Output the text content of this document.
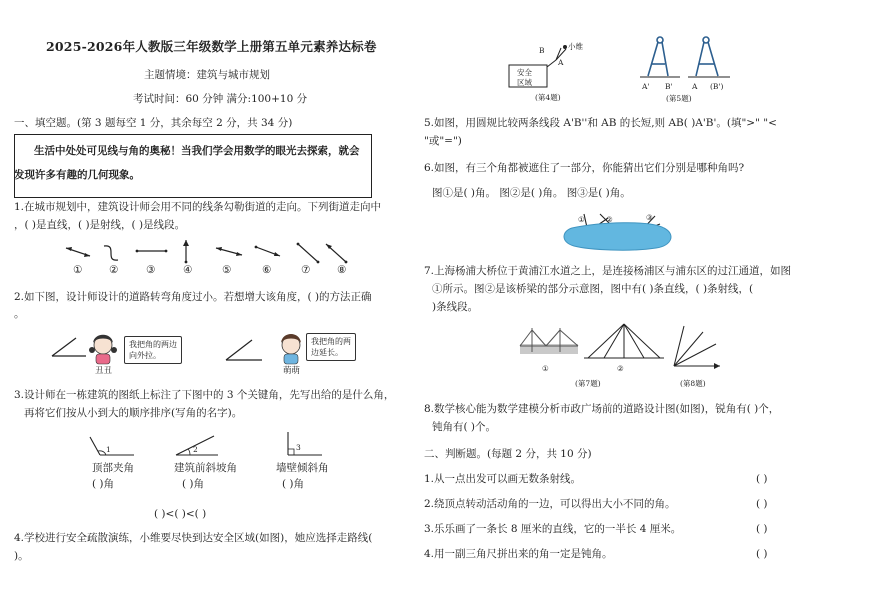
2025-2026年人教版三年级数学上册第五单元素养达标卷
主题情境：建筑与城市规划
考试时间：60 分钟 满分:100+10 分
一、填空题。(第 3 题每空 1 分，其余每空 2 分，共 34 分)
生活中处处可见线与角的奥秘！当我们学会用数学的眼光去探索，就会
发现许多有趣的几何现象。
1.在城市规划中，建筑设计师会用不同的线条勾勒街道的走向。下列街道走向中
，( )是直线，( )是射线，( )是线段。
①	②	③	④	⑤	⑥	⑦	⑧
2.如下图，设计师设计的道路转弯角度过小。若想增大该角度，( )的方法正确
。
我把角的两边
向外拉。
丑丑
我把角的两
边延长。
萌萌
3.设计师在一栋建筑的图纸上标注了下图中的 3 个关键角，先写出给的是什么角，
再将它们按从小到大的顺序排序(写角的名字)。
1	2	3
顶部夹角	建筑前斜坡角	墙壁倾斜角
( )角	( )角	( )角
( )<( )<( )
4.学校进行安全疏散演练，小维要尽快到达安全区域(如图)，她应选择走路线(
)。
B
A
小维
安全
区域
(第4题)
A' B'	A (B')
(第5题)
5.如图，用圆规比较两条线段 A'B''和 AB 的长短,则 AB( )A'B'。(填">" "<
"或"=")
6.如图，有三个角都被遮住了一部分，你能猜出它们分别是哪种角吗?
图①是( )角。 图②是( )角。 图③是( )角。
①	②	③
7.上海杨浦大桥位于黄浦江水道之上，是连接杨浦区与浦东区的过江通道，如图
①所示。图②是该桥梁的部分示意图，图中有( )条直线，( )条射线，(
)条线段。
①	②
(第7题)	(第8题)
8.数学核心能为数学建模分析市政广场前的道路设计图(如图)，锐角有( )个，
钝角有( )个。
二、判断题。(每题 2 分，共 10 分)
1.从一点出发可以画无数条射线。	( )
2.绕顶点转动活动角的一边，可以得出大小不同的角。	( )
3.乐乐画了一条长 8 厘米的直线，它的一半长 4 厘米。	( )
4.用一副三角尺拼出来的角一定是钝角。	( )
